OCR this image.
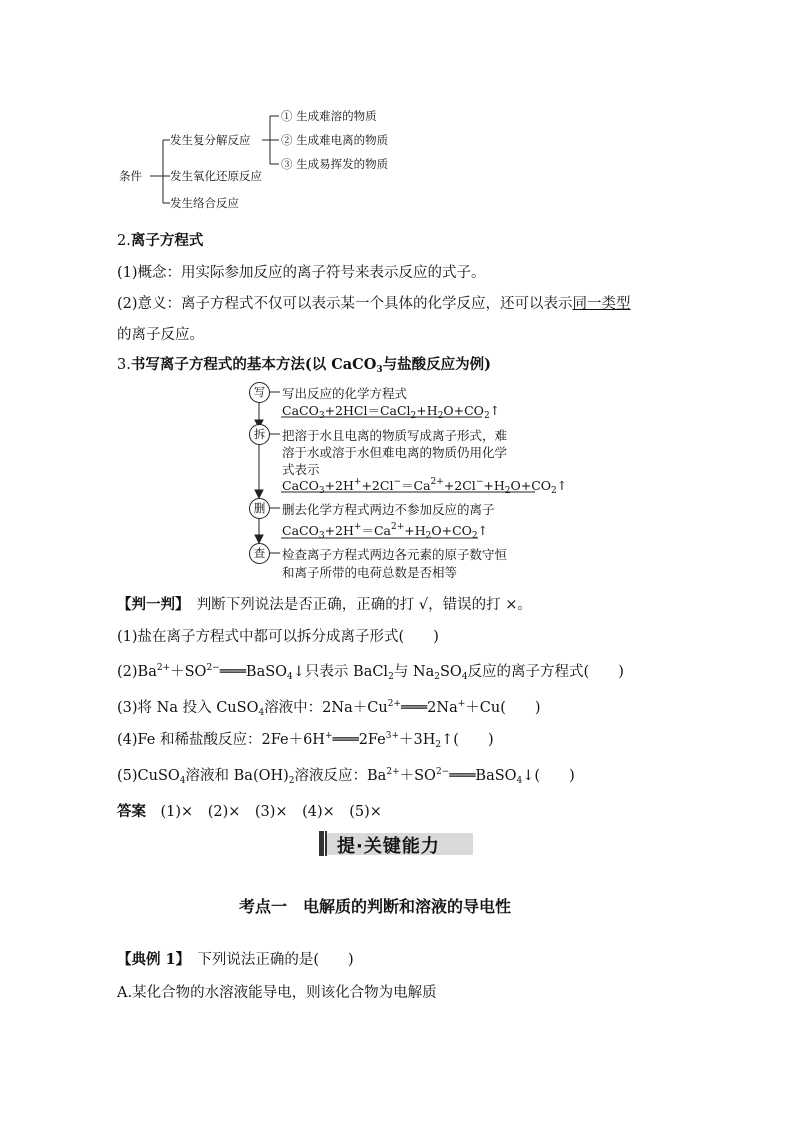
条件
发生复分解反应
发生氧化还原反应
发生络合反应
① 生成难溶的物质
② 生成难电离的物质
③ 生成易挥发的物质
2.离子方程式
(1)概念：用实际参加反应的离子符号来表示反应的式子。
(2)意义：离子方程式不仅可以表示某一个具体的化学反应，还可以表示同一类型
的离子反应。
3.书写离子方程式的基本方法(以 CaCO$_3$与盐酸反应为例)
写
拆
删
查
写出反应的化学方程式
$CaCO_3+2HCl=CaCl_2+H_2O+CO_2↑$
把溶于水且电离的物质写成离子形式，难
溶于水或溶于水但难电离的物质仍用化学
式表示
$CaCO_3+2H^++2Cl^-=Ca^{2+}+2Cl^-+H_2O+CO_2↑$
删去化学方程式两边不参加反应的离子
$CaCO_3+2H^+=Ca^{2+}+H_2O+CO_2↑$
检查离子方程式两边各元素的原子数守恒
和离子所带的电荷总数是否相等
【判一判】　 判断下列说法是否正确，正确的打 √，错误的打 ×。
(1)盐在离子方程式中都可以拆分成离子形式(　　)
$(2)Ba^{2+}+SO^{2-}═══BaSO_4↓$只表示 BaCl$_2$与 $Na_2SO_4$反应的离子方程式(　　)
(3)将 Na 投入 CuSO$_4$溶液中：$2Na+Cu^{2+}═══2Na^++Cu$(　　)
(4)Fe 和稀盐酸反应：$2Fe+6H^+═══2Fe^{3+}+3H_2↑$(　　)
(5)CuSO$_4$溶液和 $Ba(OH)_2$溶液反应：$Ba^{2+}+SO^{2-}═══BaSO_4↓$(　　)
答案　 (1)×　(2)×　(3)×　(4)×　(5)×
提·关键能力
考点一　电解质的判断和溶液的导电性
【典例 1】　 下列说法正确的是(　　)
A.某化合物的水溶液能导电，则该化合物为电解质
